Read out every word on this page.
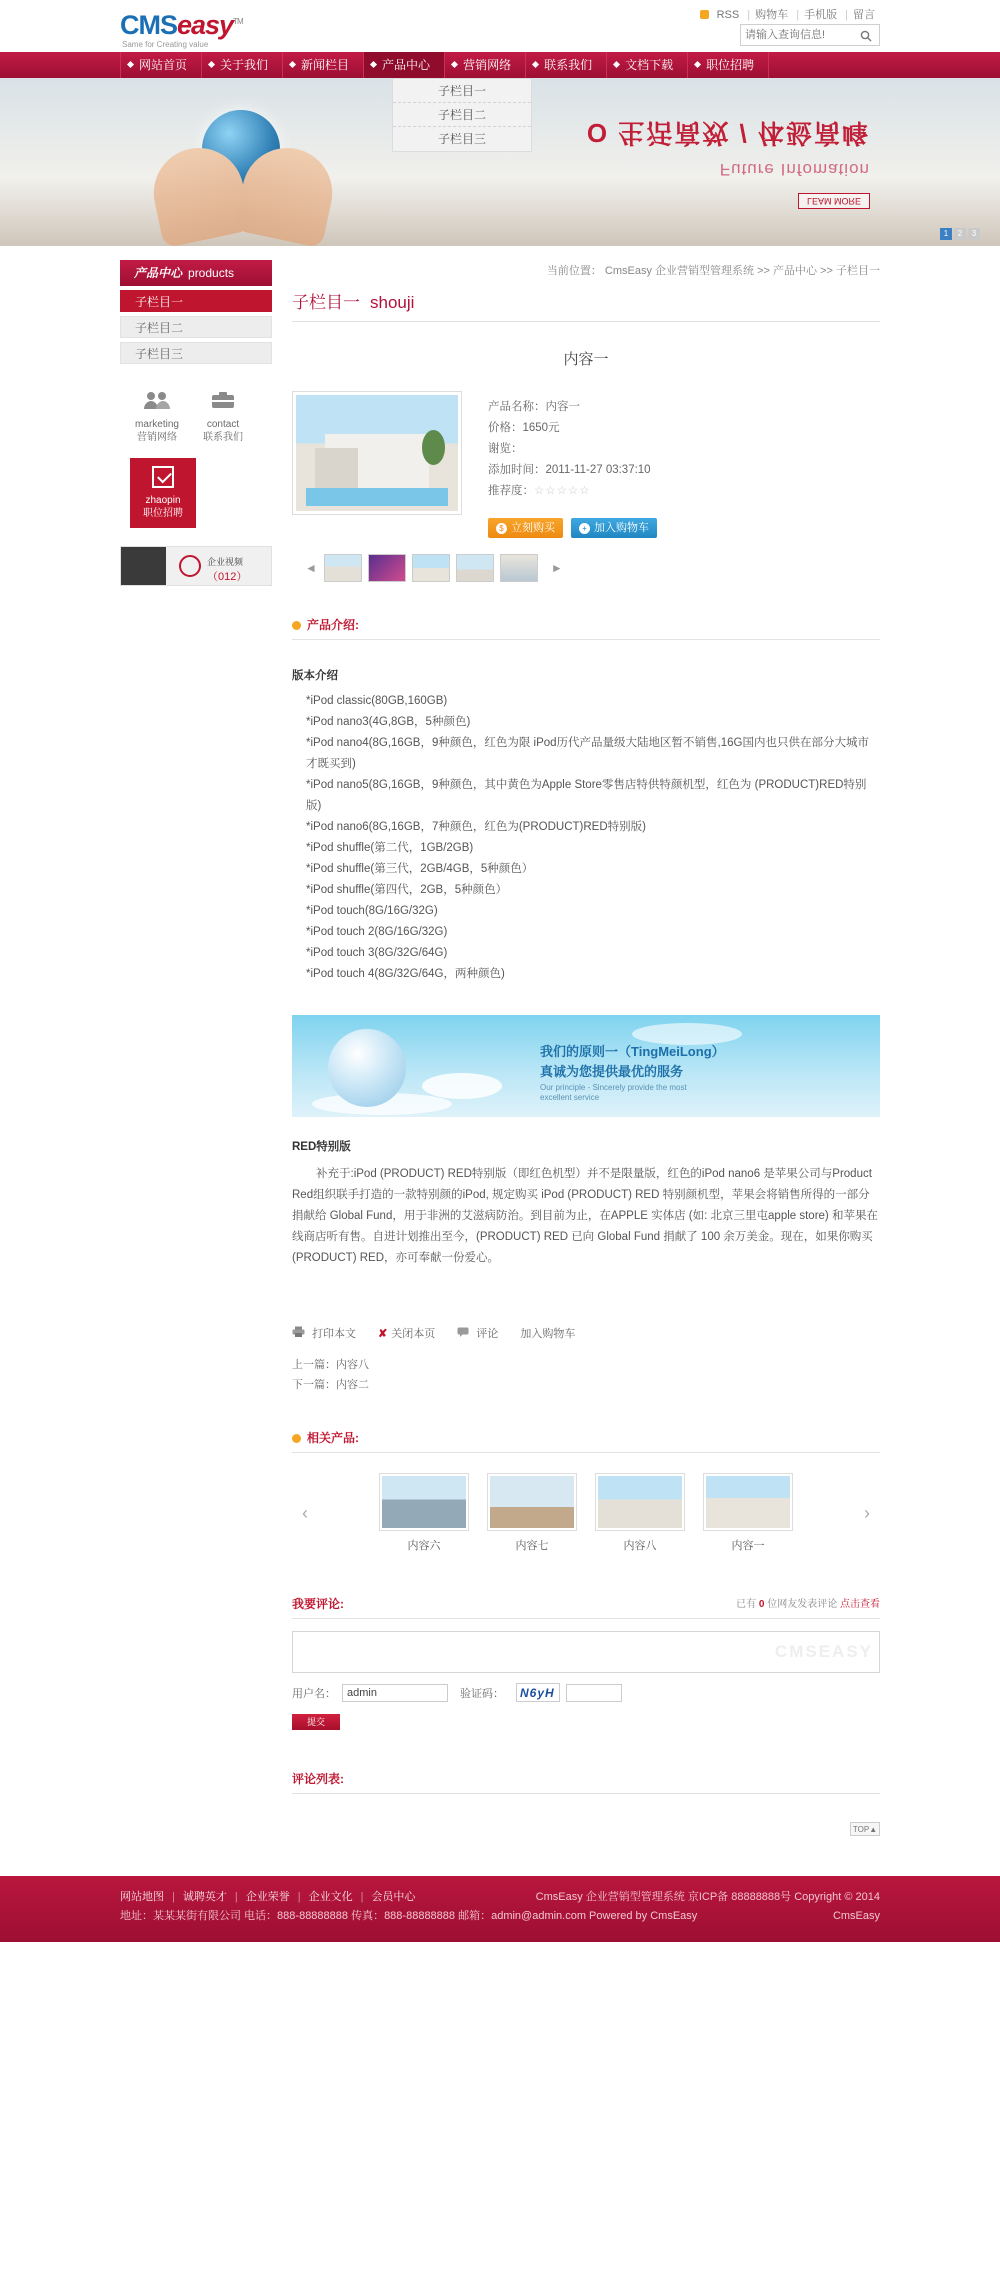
CMSeasy™
Same for Creating value
RSS | 购物车 | 手机版 | 留言
请输入查询信息!
网站首页	关于我们	新闻栏目	产品中心	营销网络	联系我们	文档下载	职位招聘
子栏目一
子栏目二
子栏目三	O 生活高效 / 体验高峰
Future Infomation
LEAM MORE
1	2	3
产品中心 products
子栏目一
子栏目二
子栏目三
marketing
营销网络
contact
联系我们
zhaopin
职位招聘
企业视频
（012）
当前位置： CmsEasy 企业营销型管理系统 >> 产品中心 >> 子栏目一
子栏目一 shouji
内容一
产品名称：内容一
价格：1650元
谢览：
添加时间：2011-11-27 03:37:10
推荐度：☆☆☆☆☆
$ 立刻购买	+ 加入购物车
◄	►
产品介绍:
版本介绍
*iPod classic(80GB,160GB)
*iPod nano3(4G,8GB，5种颜色)
*iPod nano4(8G,16GB，9种颜色，红色为限 iPod历代产品量级大陆地区暂不销售,16G国内也只供在部分大城市才既买到)
*iPod nano5(8G,16GB，9种颜色，其中黄色为Apple Store零售店特供特颜机型，红色为 (PRODUCT)RED特别版)
*iPod nano6(8G,16GB，7种颜色，红色为(PRODUCT)RED特别版)
*iPod shuffle(第二代，1GB/2GB)
*iPod shuffle(第三代，2GB/4GB，5种颜色）
*iPod shuffle(第四代，2GB，5种颜色）
*iPod touch(8G/16G/32G)
*iPod touch 2(8G/16G/32G)
*iPod touch 3(8G/32G/64G)
*iPod touch 4(8G/32G/64G，两种颜色)
我们的原则一（TingMeiLong）
真诚为您提供最优的服务
Our principle - Sincerely provide the most
excellent service
RED特别版

补充于:iPod (PRODUCT) RED特别版（即红色机型）并不是限量版，红色的iPod nano6 是苹果公司与Product Red组织联手打造的一款特别颜的iPod, 规定购买 iPod (PRODUCT) RED 特别颜机型，苹果会将销售所得的一部分捐献给 Global Fund，用于非洲的艾滋病防治。到目前为止，在APPLE 实体店 (如: 北京三里屯apple store) 和苹果在线商店听有售。自进计划推出至今，(PRODUCT) RED 已向 Global Fund 捐献了 100 余万美金。现在，如果你购买 (PRODUCT) RED，亦可奉献一份爱心。

打印本文 ✘ 关闭本页	评论 加入购物车
上一篇：内容八
下一篇：内容二
相关产品:
‹
内容六	内容七	内容八	内容一
›
我要评论:	已有 0 位网友发表评论 点击查看
CMSEASY
用户名：
admin	验证码： N6yH
提交
评论列表:
TOP▲
网站地图 | 诚聘英才 | 企业荣誉 | 企业文化 | 会员中心
地址：某某某街有限公司 电话：888-88888888 传真：888-88888888 邮箱：admin@admin.com Powered by CmsEasy
CmsEasy 企业营销型管理系统 京ICP备 88888888号 Copyright © 2014
CmsEasy
